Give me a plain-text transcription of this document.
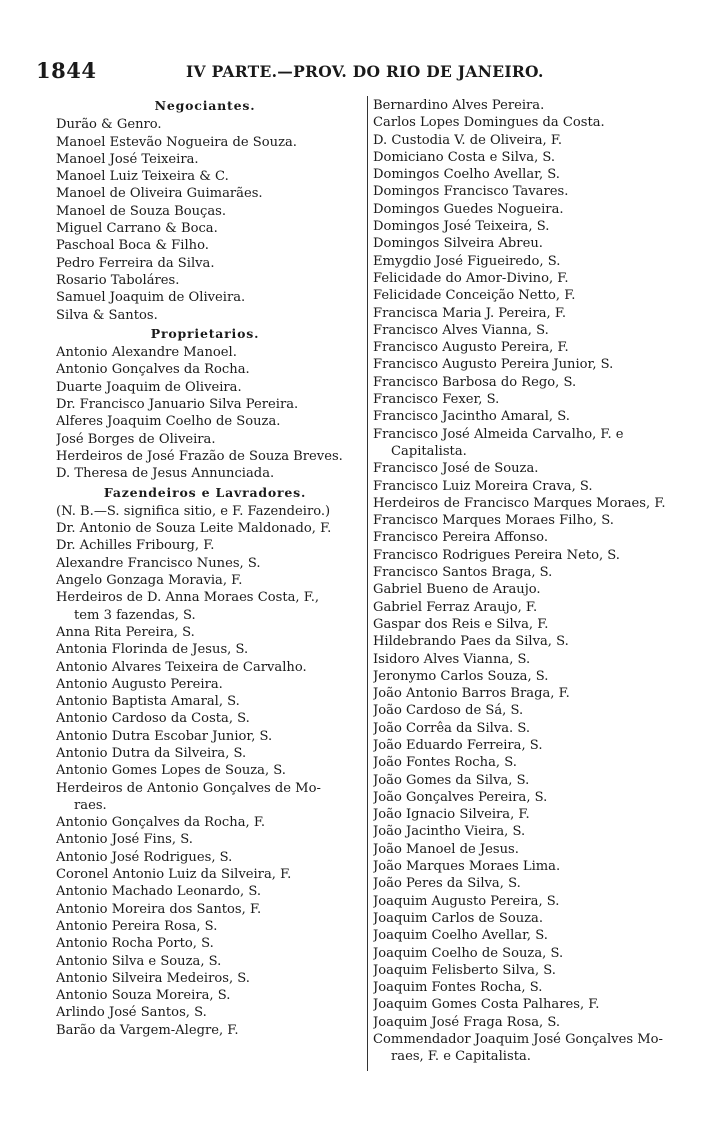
1844	IV PARTE.—PROV. DO RIO DE JANEIRO.
Negociantes.
Durão & Genro.
Manoel Estevão Nogueira de Souza.
Manoel José Teixeira.
Manoel Luiz Teixeira & C.
Manoel de Oliveira Guimarães.
Manoel de Souza Bouças.
Miguel Carrano & Boca.
Paschoal Boca & Filho.
Pedro Ferreira da Silva.
Rosario Taboláres.
Samuel Joaquim de Oliveira.
Silva & Santos.
Proprietarios.
Antonio Alexandre Manoel.
Antonio Gonçalves da Rocha.
Duarte Joaquim de Oliveira.
Dr. Francisco Januario Silva Pereira.
Alferes Joaquim Coelho de Souza.
José Borges de Oliveira.
Herdeiros de José Frazão de Souza Breves.
D. Theresa de Jesus Annunciada.
Fazendeiros e Lavradores.
(N. B.—S. significa sitio, e F. Fazendeiro.)
Dr. Antonio de Souza Leite Maldonado, F.
Dr. Achilles Fribourg, F.
Alexandre Francisco Nunes, S.
Angelo Gonzaga Moravia, F.
Herdeiros de D. Anna Moraes Costa, F.,
tem 3 fazendas, S.
Anna Rita Pereira, S.
Antonia Florinda de Jesus, S.
Antonio Alvares Teixeira de Carvalho.
Antonio Augusto Pereira.
Antonio Baptista Amaral, S.
Antonio Cardoso da Costa, S.
Antonio Dutra Escobar Junior, S.
Antonio Dutra da Silveira, S.
Antonio Gomes Lopes de Souza, S.
Herdeiros de Antonio Gonçalves de Mo-
raes.
Antonio Gonçalves da Rocha, F.
Antonio José Fins, S.
Antonio José Rodrigues, S.
Coronel Antonio Luiz da Silveira, F.
Antonio Machado Leonardo, S.
Antonio Moreira dos Santos, F.
Antonio Pereira Rosa, S.
Antonio Rocha Porto, S.
Antonio Silva e Souza, S.
Antonio Silveira Medeiros, S.
Antonio Souza Moreira, S.
Arlindo José Santos, S.
Barão da Vargem-Alegre, F.
Bernardino Alves Pereira.
Carlos Lopes Domingues da Costa.
D. Custodia V. de Oliveira, F.
Domiciano Costa e Silva, S.
Domingos Coelho Avellar, S.
Domingos Francisco Tavares.
Domingos Guedes Nogueira.
Domingos José Teixeira, S.
Domingos Silveira Abreu.
Emygdio José Figueiredo, S.
Felicidade do Amor-Divino, F.
Felicidade Conceição Netto, F.
Francisca Maria J. Pereira, F.
Francisco Alves Vianna, S.
Francisco Augusto Pereira, F.
Francisco Augusto Pereira Junior, S.
Francisco Barbosa do Rego, S.
Francisco Fexer, S.
Francisco Jacintho Amaral, S.
Francisco José Almeida Carvalho, F. e
Capitalista.
Francisco José de Souza.
Francisco Luiz Moreira Crava, S.
Herdeiros de Francisco Marques Moraes, F.
Francisco Marques Moraes Filho, S.
Francisco Pereira Affonso.
Francisco Rodrigues Pereira Neto, S.
Francisco Santos Braga, S.
Gabriel Bueno de Araujo.
Gabriel Ferraz Araujo, F.
Gaspar dos Reis e Silva, F.
Hildebrando Paes da Silva, S.
Isidoro Alves Vianna, S.
Jeronymo Carlos Souza, S.
João Antonio Barros Braga, F.
João Cardoso de Sá, S.
João Corrêa da Silva. S.
João Eduardo Ferreira, S.
João Fontes Rocha, S.
João Gomes da Silva, S.
João Gonçalves Pereira, S.
João Ignacio Silveira, F.
João Jacintho Vieira, S.
João Manoel de Jesus.
João Marques Moraes Lima.
João Peres da Silva, S.
Joaquim Augusto Pereira, S.
Joaquim Carlos de Souza.
Joaquim Coelho Avellar, S.
Joaquim Coelho de Souza, S.
Joaquim Felisberto Silva, S.
Joaquim Fontes Rocha, S.
Joaquim Gomes Costa Palhares, F.
Joaquim José Fraga Rosa, S.
Commendador Joaquim José Gonçalves Mo-
raes, F. e Capitalista.
